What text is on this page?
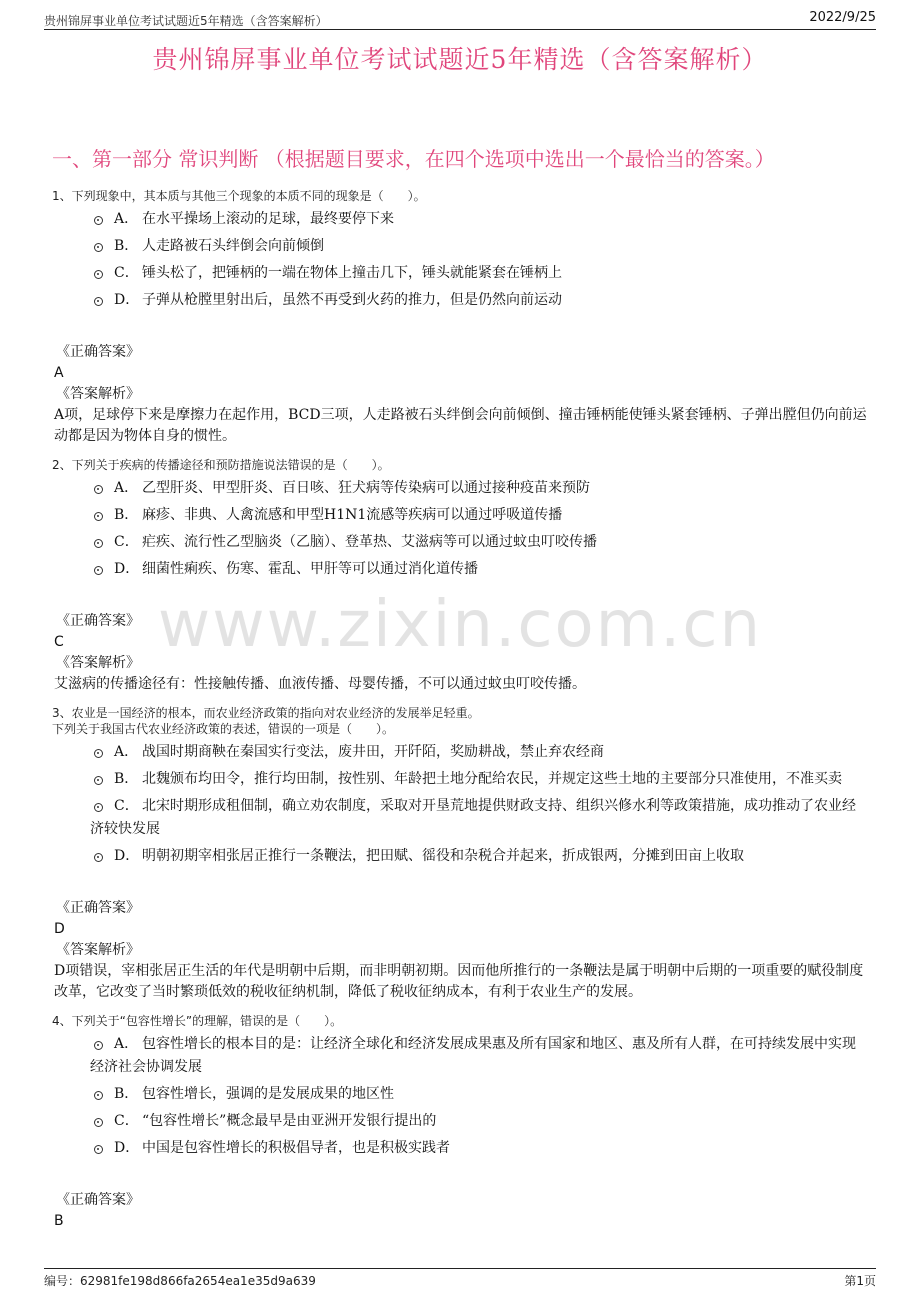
贵州锦屏事业单位考试试题近5年精选（含答案解析）	2022/9/25
贵州锦屏事业单位考试试题近5年精选（含答案解析）
一、第一部分 常识判断 （根据题目要求，在四个选项中选出一个最恰当的答案。）
www.zixin.com.cn
1、下列现象中，其本质与其他三个现象的本质不同的现象是（　　）。
A． 在水平操场上滚动的足球，最终要停下来
B． 人走路被石头绊倒会向前倾倒
C． 锤头松了，把锤柄的一端在物体上撞击几下，锤头就能紧套在锤柄上
D． 子弹从枪膛里射出后，虽然不再受到火药的推力，但是仍然向前运动
《正确答案》
A
《答案解析》
A项，足球停下来是摩擦力在起作用，BCD三项，人走路被石头绊倒会向前倾倒、撞击锤柄能使锤头紧套锤柄、子弹出膛但仍向前运动都是因为物体自身的惯性。
2、下列关于疾病的传播途径和预防措施说法错误的是（　　）。
A． 乙型肝炎、甲型肝炎、百日咳、狂犬病等传染病可以通过接种疫苗来预防
B． 麻疹、非典、人禽流感和甲型H1N1流感等疾病可以通过呼吸道传播
C． 疟疾、流行性乙型脑炎（乙脑）、登革热、艾滋病等可以通过蚊虫叮咬传播
D． 细菌性痢疾、伤寒、霍乱、甲肝等可以通过消化道传播
《正确答案》
C
《答案解析》
艾滋病的传播途径有：性接触传播、血液传播、母婴传播，不可以通过蚊虫叮咬传播。
3、农业是一国经济的根本，而农业经济政策的指向对农业经济的发展举足轻重。
下列关于我国古代农业经济政策的表述，错误的一项是（　　）。
A． 战国时期商鞅在秦国实行变法，废井田，开阡陌，奖励耕战，禁止弃农经商
B． 北魏颁布均田令，推行均田制，按性别、年龄把土地分配给农民，并规定这些土地的主要部分只准使用，不准买卖
C． 北宋时期形成租佃制，确立劝农制度，采取对开垦荒地提供财政支持、组织兴修水利等政策措施，成功推动了农业经济较快发展
D． 明朝初期宰相张居正推行一条鞭法，把田赋、徭役和杂税合并起来，折成银两，分摊到田亩上收取
《正确答案》
D
《答案解析》
D项错误，宰相张居正生活的年代是明朝中后期，而非明朝初期。因而他所推行的一条鞭法是属于明朝中后期的一项重要的赋役制度改革，它改变了当时繁琐低效的税收征纳机制，降低了税收征纳成本，有利于农业生产的发展。
4、下列关于“包容性增长”的理解，错误的是（　　）。
A． 包容性增长的根本目的是：让经济全球化和经济发展成果惠及所有国家和地区、惠及所有人群，在可持续发展中实现经济社会协调发展
B． 包容性增长，强调的是发展成果的地区性
C． “包容性增长”概念最早是由亚洲开发银行提出的
D． 中国是包容性增长的积极倡导者，也是积极实践者
《正确答案》
B
编号：62981fe198d866fa2654ea1e35d9a639	第1页
